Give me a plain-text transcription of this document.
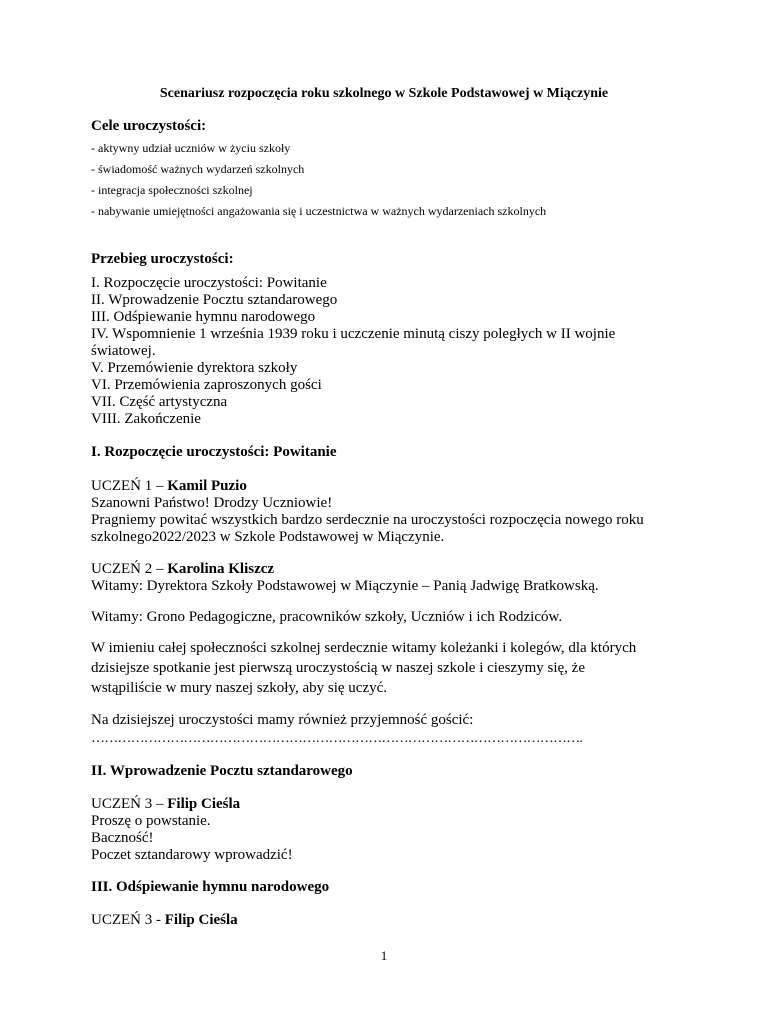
Scenariusz rozpoczęcia roku szkolnego w Szkole Podstawowej w Miączynie
Cele uroczystości:
- aktywny udział uczniów w życiu szkoły
- świadomość ważnych wydarzeń szkolnych
- integracja społeczności szkolnej
- nabywanie umiejętności angażowania się i uczestnictwa w ważnych wydarzeniach szkolnych
Przebieg uroczystości:
I. Rozpoczęcie uroczystości: Powitanie
II. Wprowadzenie Pocztu sztandarowego
III. Odśpiewanie hymnu narodowego
IV. Wspomnienie 1 września 1939 roku i uczczenie minutą ciszy poległych w II wojnie
światowej.
V. Przemówienie dyrektora szkoły
VI. Przemówienia zaproszonych gości
VII. Część artystyczna
VIII. Zakończenie
I. Rozpoczęcie uroczystości: Powitanie
UCZEŃ 1 – Kamil Puzio
Szanowni Państwo! Drodzy Uczniowie!
Pragniemy powitać wszystkich bardzo serdecznie na uroczystości rozpoczęcia nowego roku
szkolnego2022/2023 w Szkole Podstawowej w Miączynie.
UCZEŃ 2 – Karolina Kliszcz
Witamy: Dyrektora Szkoły Podstawowej w Miączynie – Panią Jadwigę Bratkowską.
Witamy: Grono Pedagogiczne, pracowników szkoły, Uczniów i ich Rodziców.
W imieniu całej społeczności szkolnej serdecznie witamy koleżanki i kolegów, dla których
dzisiejsze spotkanie jest pierwszą uroczystością w naszej szkole i cieszymy się, że
wstąpiliście w mury naszej szkoły, aby się uczyć.
Na dzisiejszej uroczystości mamy również przyjemność gościć:
………………………………………………………………………………………………….
II. Wprowadzenie Pocztu sztandarowego
UCZEŃ 3 – Filip Cieśla
Proszę o powstanie.
Baczność!
Poczet sztandarowy wprowadzić!
III. Odśpiewanie hymnu narodowego
UCZEŃ 3 - Filip Cieśla
1
